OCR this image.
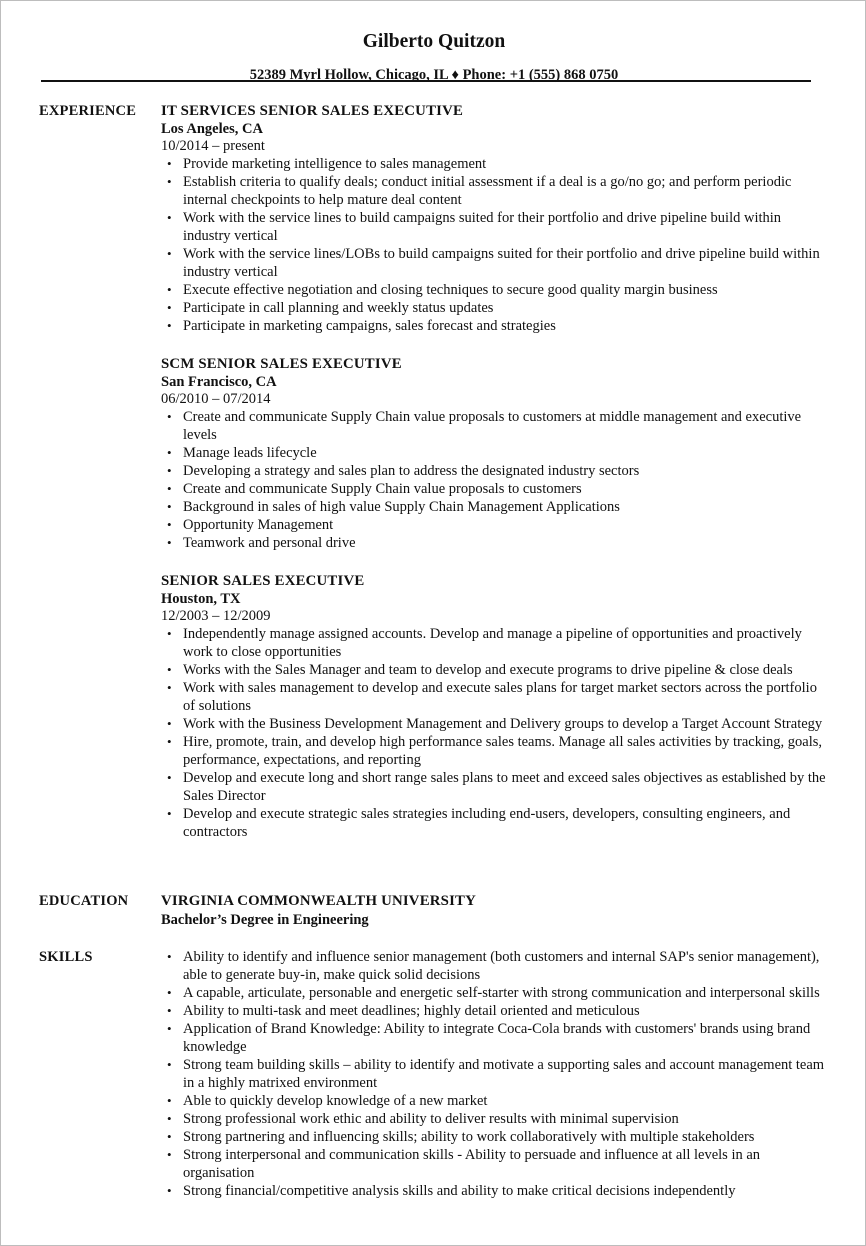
Gilberto Quitzon
52389 Myrl Hollow, Chicago, IL ♦ Phone: +1 (555) 868 0750
EXPERIENCE	IT SERVICES SENIOR SALES EXECUTIVE
Los Angeles, CA
10/2014 – present
• Provide marketing intelligence to sales management
• Establish criteria to qualify deals; conduct initial assessment if a deal is a go/no go; and perform periodic internal checkpoints to help mature deal content
• Work with the service lines to build campaigns suited for their portfolio and drive pipeline build within industry vertical
• Work with the service lines/LOBs to build campaigns suited for their portfolio and drive pipeline build within industry vertical
• Execute effective negotiation and closing techniques to secure good quality margin business
• Participate in call planning and weekly status updates
• Participate in marketing campaigns, sales forecast and strategies
SCM SENIOR SALES EXECUTIVE
San Francisco, CA
06/2010 – 07/2014
• Create and communicate Supply Chain value proposals to customers at middle management and executive levels
• Manage leads lifecycle
• Developing a strategy and sales plan to address the designated industry sectors
• Create and communicate Supply Chain value proposals to customers
• Background in sales of high value Supply Chain Management Applications
• Opportunity Management
• Teamwork and personal drive
SENIOR SALES EXECUTIVE
Houston, TX
12/2003 – 12/2009
• Independently manage assigned accounts. Develop and manage a pipeline of opportunities and proactively work to close opportunities
• Works with the Sales Manager and team to develop and execute programs to drive pipeline & close deals
• Work with sales management to develop and execute sales plans for target market sectors across the portfolio of solutions
• Work with the Business Development Management and Delivery groups to develop a Target Account Strategy
• Hire, promote, train, and develop high performance sales teams. Manage all sales activities by tracking, goals, performance, expectations, and reporting
• Develop and execute long and short range sales plans to meet and exceed sales objectives as established by the Sales Director
• Develop and execute strategic sales strategies including end-users, developers, consulting engineers, and contractors
EDUCATION	VIRGINIA COMMONWEALTH UNIVERSITY
Bachelor’s Degree in Engineering
SKILLS
•	Ability to identify and influence senior management (both customers and internal SAP's senior management), able to generate buy-in, make quick solid decisions
• A capable, articulate, personable and energetic self-starter with strong communication and interpersonal skills
• Ability to multi-task and meet deadlines; highly detail oriented and meticulous
• Application of Brand Knowledge: Ability to integrate Coca-Cola brands with customers' brands using brand knowledge
• Strong team building skills – ability to identify and motivate a supporting sales and account management team in a highly matrixed environment
• Able to quickly develop knowledge of a new market
• Strong professional work ethic and ability to deliver results with minimal supervision
• Strong partnering and influencing skills; ability to work collaboratively with multiple stakeholders
• Strong interpersonal and communication skills - Ability to persuade and influence at all levels in an organisation
• Strong financial/competitive analysis skills and ability to make critical decisions independently
